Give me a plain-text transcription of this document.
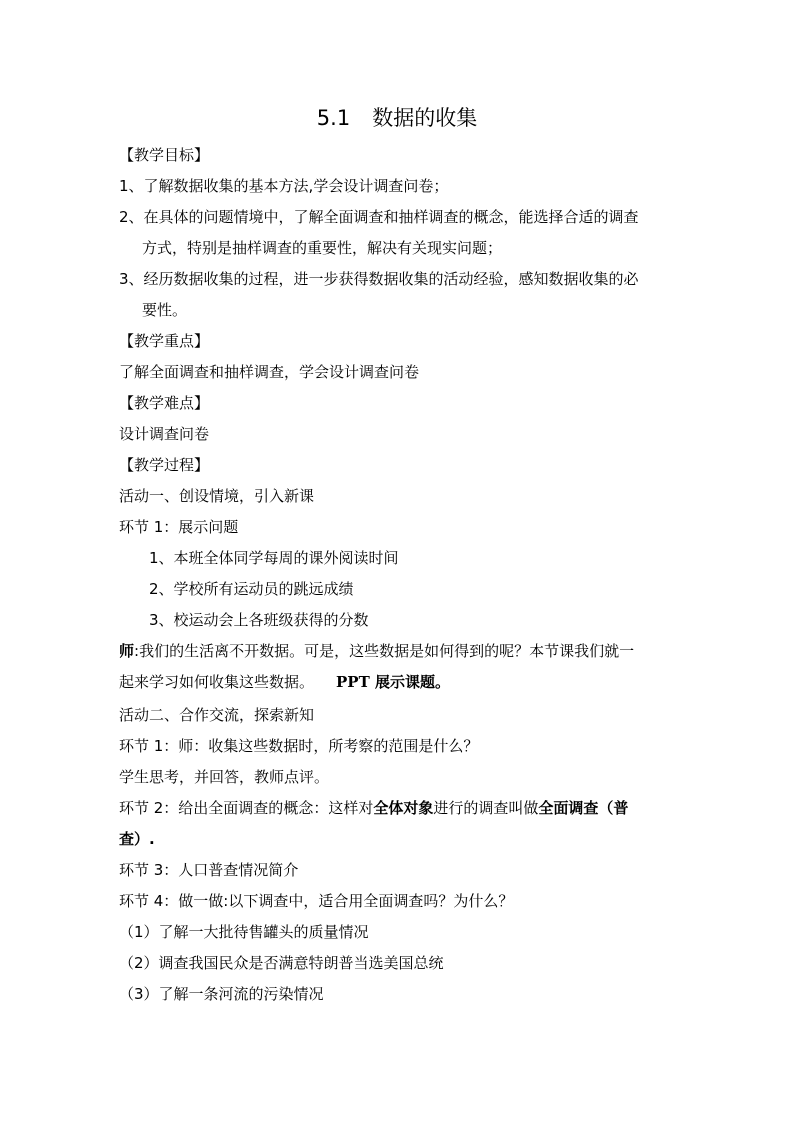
5.1 数据的收集
【教学目标】
1、了解数据收集的基本方法,学会设计调查问卷；
2、在具体的问题情境中，了解全面调查和抽样调查的概念，能选择合适的调查
方式，特别是抽样调查的重要性，解决有关现实问题；
3、经历数据收集的过程，进一步获得数据收集的活动经验，感知数据收集的必
要性。
【教学重点】
了解全面调查和抽样调查，学会设计调查问卷
【教学难点】
设计调查问卷
【教学过程】
活动一、创设情境，引入新课
环节 1：展示问题
1、本班全体同学每周的课外阅读时间
2、学校所有运动员的跳远成绩
3、校运动会上各班级获得的分数
师:我们的生活离不开数据。可是，这些数据是如何得到的呢？本节课我们就一
起来学习如何收集这些数据。 PPT 展示课题。
活动二、合作交流，探索新知
环节 1：师：收集这些数据时，所考察的范围是什么？
学生思考，并回答，教师点评。
环节 2：给出全面调查的概念：这样对全体对象进行的调查叫做全面调查（普
查）.
环节 3：人口普查情况简介
环节 4：做一做:以下调查中，适合用全面调查吗？为什么？
（1）了解一大批待售罐头的质量情况
（2）调查我国民众是否满意特朗普当选美国总统
（3）了解一条河流的污染情况
